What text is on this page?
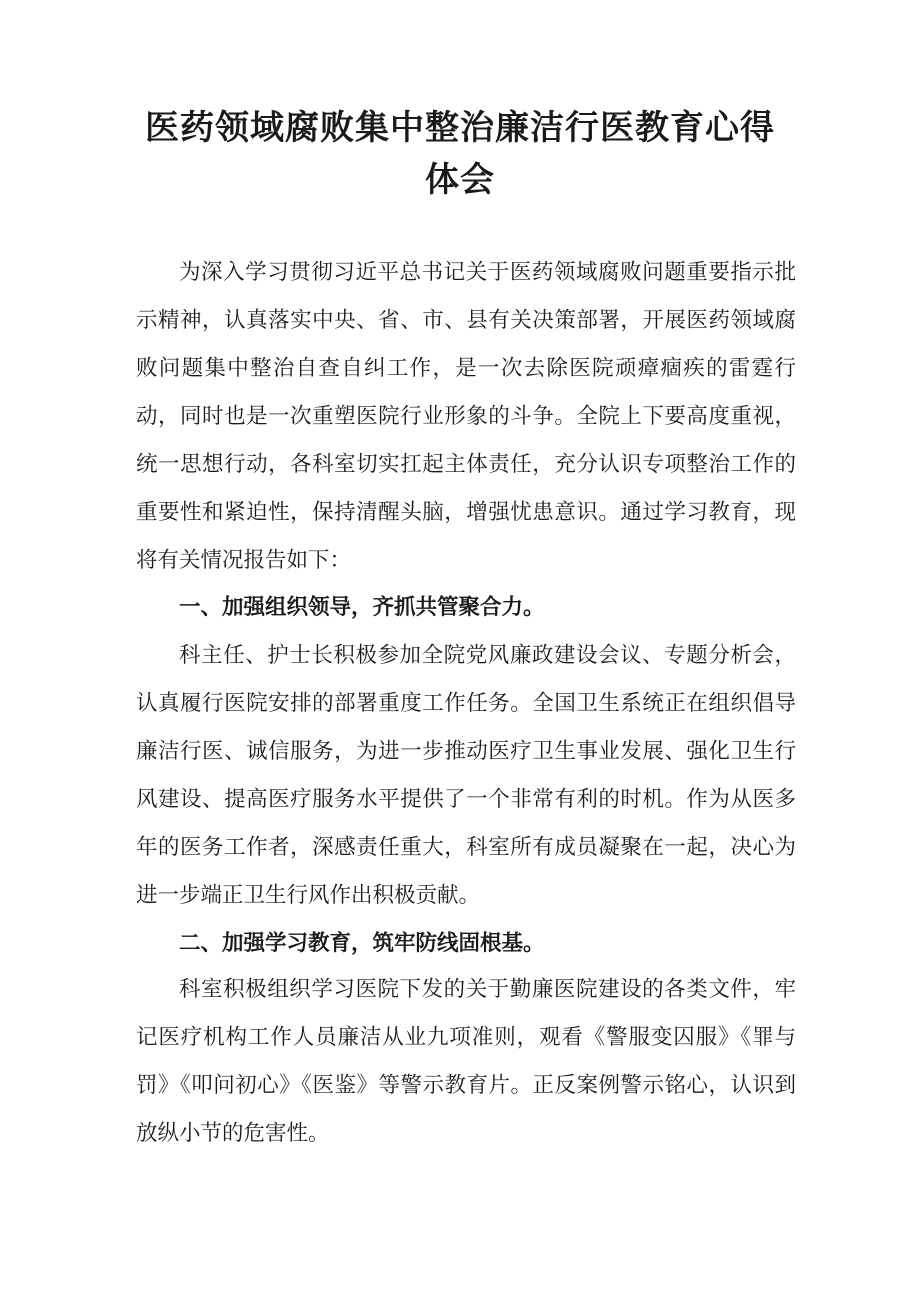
医药领域腐败集中整治廉洁行医教育心得
体会

为深入学习贯彻习近平总书记关于医药领域腐败问题重要指示批示精神，认真落实中央、省、市、县有关决策部署，开展医药领域腐败问题集中整治自查自纠工作，是一次去除医院顽瘴痼疾的雷霆行动，同时也是一次重塑医院行业形象的斗争。全院上下要高度重视，统一思想行动，各科室切实扛起主体责任，充分认识专项整治工作的重要性和紧迫性，保持清醒头脑，增强忧患意识。通过学习教育，现将有关情况报告如下：

一、加强组织领导，齐抓共管聚合力。

科主任、护士长积极参加全院党风廉政建设会议、专题分析会，认真履行医院安排的部署重度工作任务。全国卫生系统正在组织倡导廉洁行医、诚信服务，为进一步推动医疗卫生事业发展、强化卫生行风建设、提高医疗服务水平提供了一个非常有利的时机。作为从医多年的医务工作者，深感责任重大，科室所有成员凝聚在一起，决心为进一步端正卫生行风作出积极贡献。

二、加强学习教育，筑牢防线固根基。

科室积极组织学习医院下发的关于勤廉医院建设的各类文件，牢记医疗机构工作人员廉洁从业九项准则，观看《警服变囚服》《罪与罚》《叩问初心》《医鉴》等警示教育片。正反案例警示铭心，认识到放纵小节的危害性。
